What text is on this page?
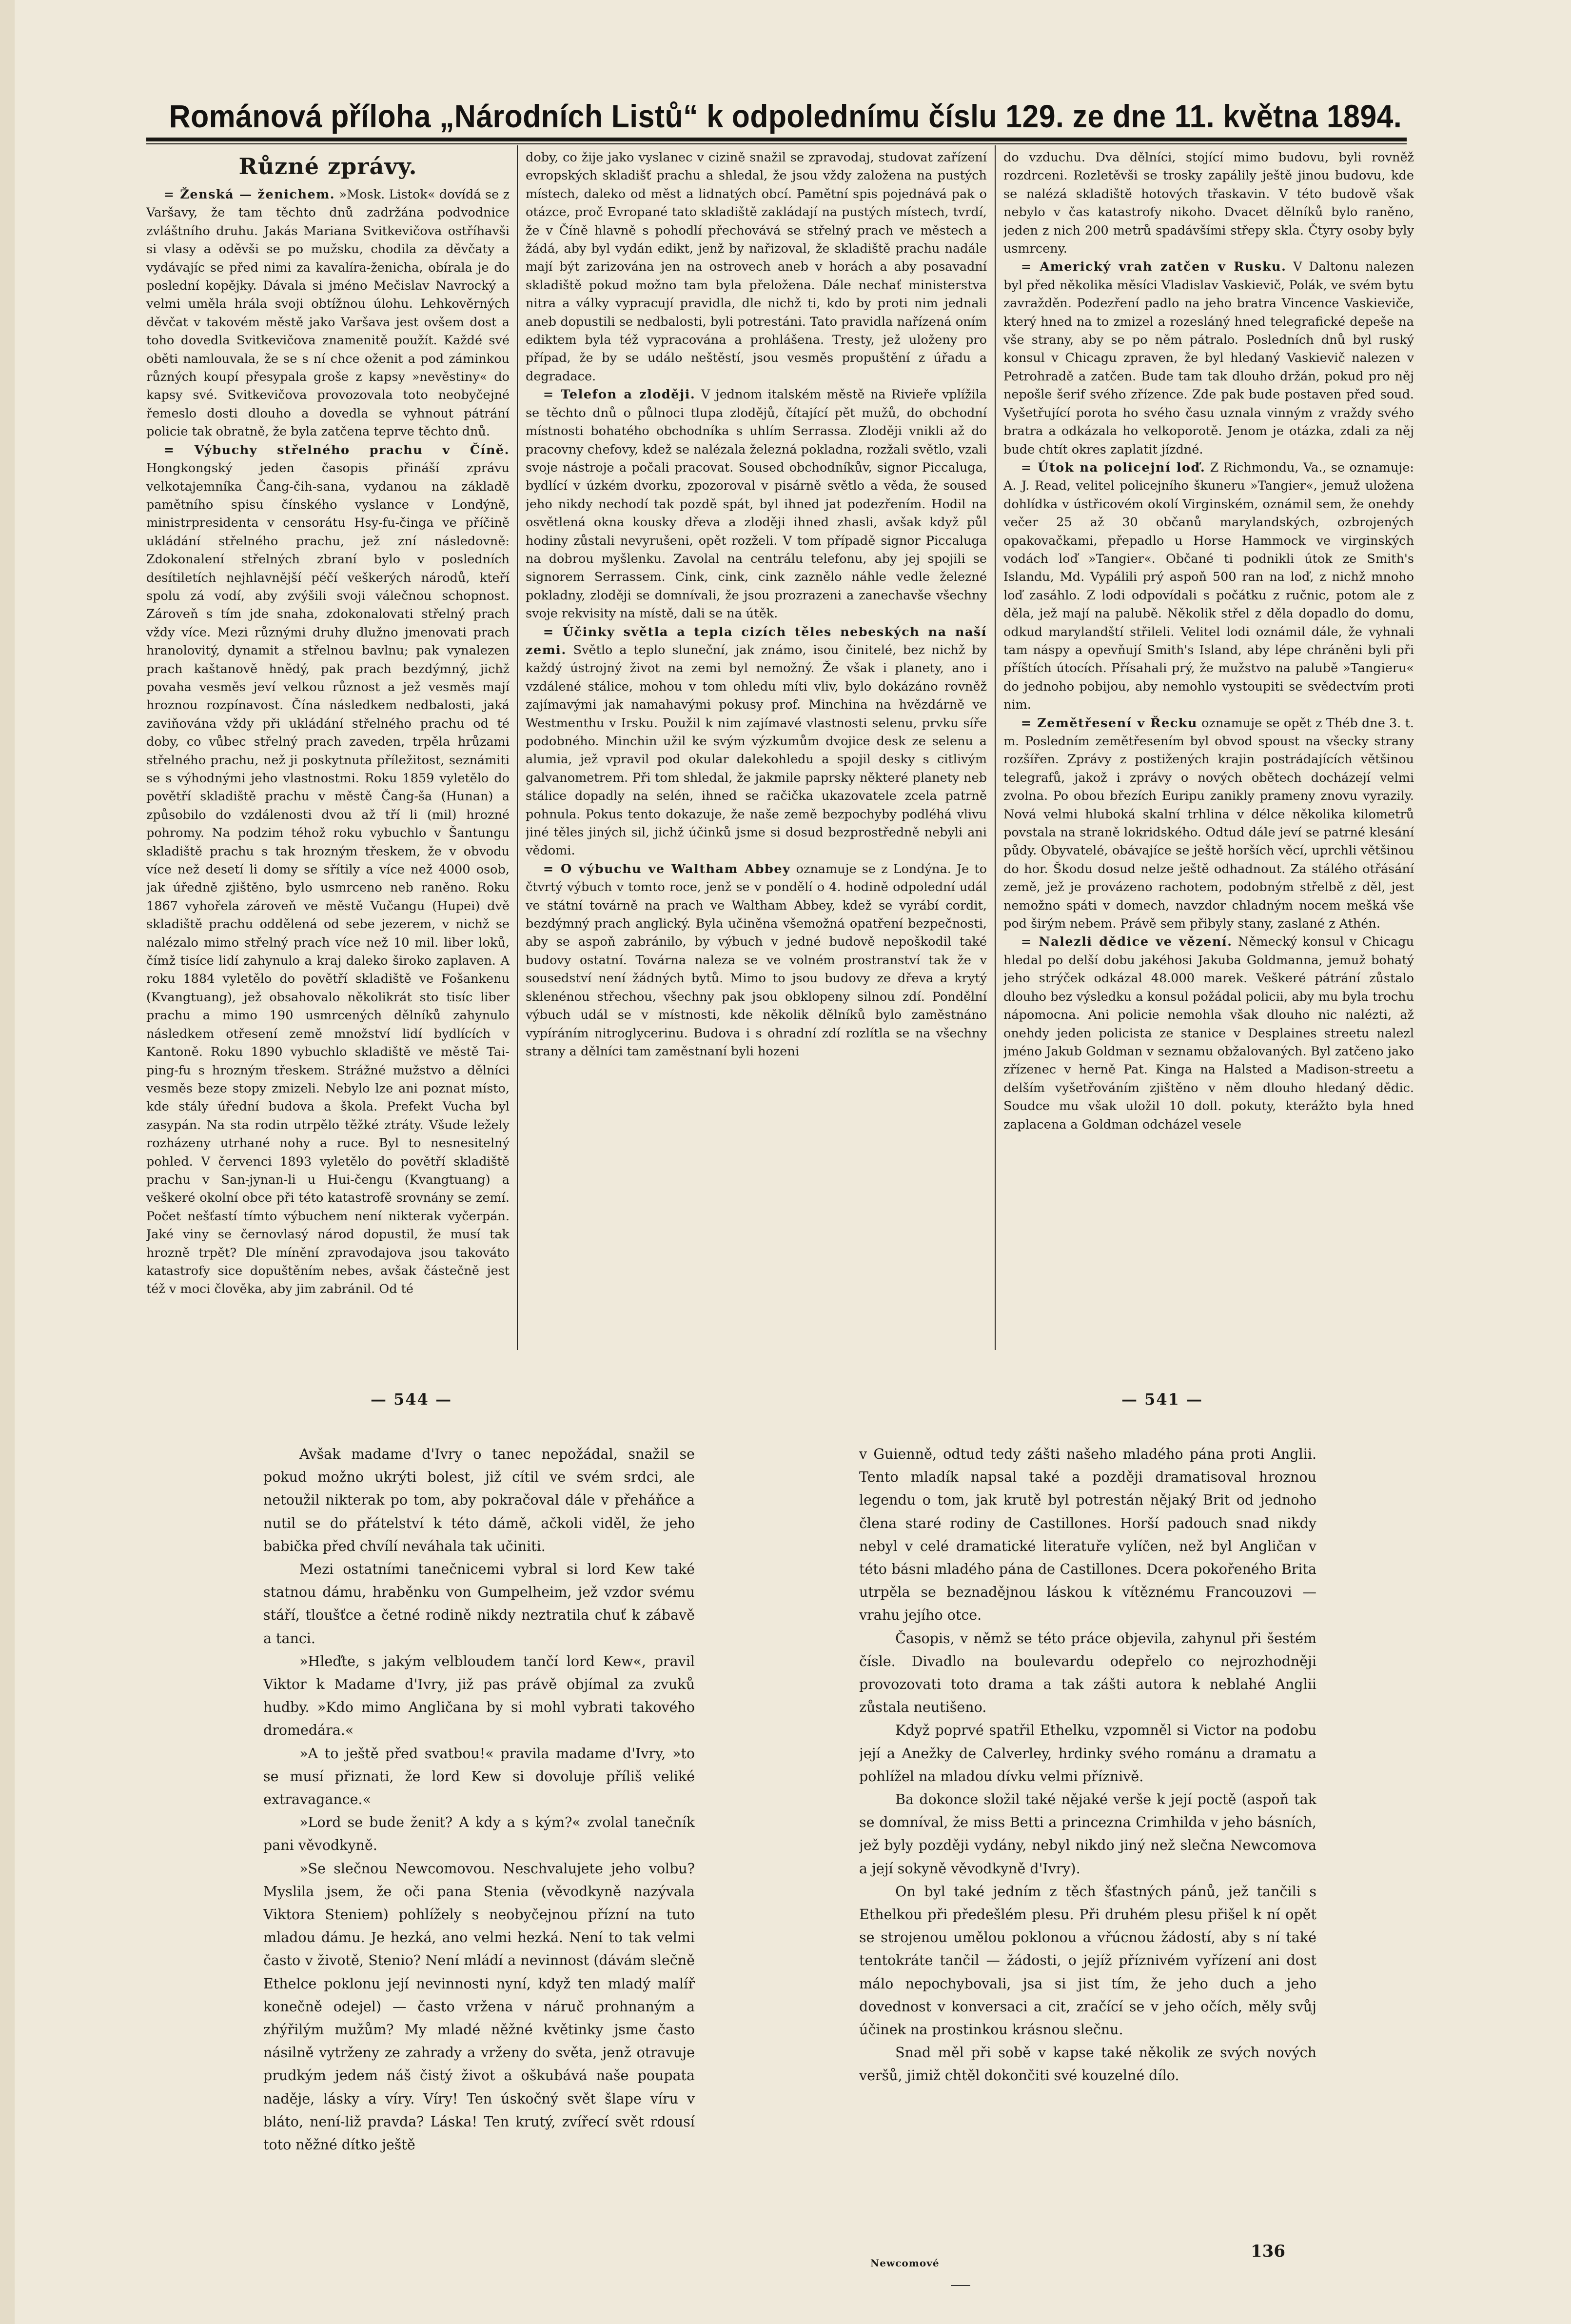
Románová příloha „Národních Listů“ k odpolednímu číslu 129. ze dne 11. května 1894.
Různé zprávy.

= Ženská — ženichem. »Mosk. Listok« dovídá se z Varšavy, že tam těchto dnů zadržána podvodnice zvláštního druhu. Jakás Mariana Svitkevičova ostříhavši si vlasy a oděvši se po mužsku, chodila za děvčaty a vydávajíc se před nimi za kavalíra-ženicha, obírala je do poslední kopějky. Dávala si jméno Mečislav Navrocký a velmi uměla hrála svoji obtížnou úlohu. Lehkověrných děvčat v takovém městě jako Varšava jest ovšem dost a toho dovedla Svitkevičova znamenitě použít. Každé své oběti namlouvala, že se s ní chce oženit a pod záminkou různých koupí přesypala groše z kapsy »nevěstiny« do kapsy své. Svitkevičova provozovala toto neobyčejné řemeslo dosti dlouho a dovedla se vyhnout pátrání policie tak obratně, že byla zatčena teprve těchto dnů.

= Výbuchy střelného prachu v Číně. Hongkongský jeden časopis přináší zprávu velkotajemníka Čang-čih-sana, vydanou na základě pamětního spisu čínského vyslance v Londýně, ministrpresidenta v censorátu Hsy-fu-činga ve příčině ukládání střelného prachu, jež zní následovně: Zdokonalení střelných zbraní bylo v posledních desítiletích nejhlavnější péčí veškerých národů, kteří spolu zá vodí, aby zvýšili svoji válečnou schopnost. Zároveň s tím jde snaha, zdokonalovati střelný prach vždy více. Mezi různými druhy dlužno jmenovati prach hranolovitý, dynamit a střelnou bavlnu; pak vynalezen prach kaštanově hnědý, pak prach bezdýmný, jichž povaha vesměs jeví velkou různost a jež vesměs mají hroznou rozpínavost. Čína následkem nedbalosti, jaká zaviňována vždy při ukládání střelného prachu od té doby, co vůbec střelný prach zaveden, trpěla hrůzami střelného prachu, než ji poskytnuta příležitost, seznámiti se s výhodnými jeho vlastnostmi. Roku 1859 vyletělo do povětří skladiště prachu v městě Čang-ša (Hunan) a způsobilo do vzdálenosti dvou až tří li (mil) hrozné pohromy. Na podzim téhož roku vybuchlo v Šantungu skladiště prachu s tak hrozným třeskem, že v obvodu více než desetí li domy se sřítily a více než 4000 osob, jak úředně zjištěno, bylo usmrceno neb raněno. Roku 1867 vyhořela zároveň ve městě Vučangu (Hupei) dvě skladiště prachu oddělená od sebe jezerem, v nichž se nalézalo mimo střelný prach více než 10 mil. liber loků, čímž tisíce lidí zahynulo a kraj daleko široko zaplaven. A roku 1884 vyletělo do povětří skladiště ve Fošankenu (Kvangtuang), jež obsahovalo několikrát sto tisíc liber prachu a mimo 190 usmrcených dělníků zahynulo následkem otřesení země množství lidí bydlících v Kantoně. Roku 1890 vybuchlo skladiště ve městě Tai-ping-fu s hrozným třeskem. Strážné mužstvo a dělníci vesměs beze stopy zmizeli. Nebylo lze ani poznat místo, kde stály úřední budova a škola. Prefekt Vucha byl zasypán. Na sta rodin utrpělo těžké ztráty. Všude ležely rozházeny utrhané nohy a ruce. Byl to nesnesitelný pohled. V červenci 1893 vyletělo do povětří skladiště prachu v San-jynan-li u Hui-čengu (Kvangtuang) a veškeré okolní obce při této katastrofě srovnány se zemí. Počet nešťastí tímto výbuchem není nikterak vyčerpán. Jaké viny se černovlasý národ dopustil, že musí tak hrozně trpět? Dle mínění zpravodajova jsou takováto katastrofy sice dopuštěním nebes, avšak částečně jest též v moci člověka, aby jim zabránil. Od té

doby, co žije jako vyslanec v cizině snažil se zpravodaj, studovat zařízení evropských skladišť prachu a shledal, že jsou vždy založena na pustých místech, daleko od měst a lidnatých obcí. Pamětní spis pojednává pak o otázce, proč Evropané tato skladiště zakládají na pustých místech, tvrdí, že v Číně hlavně s pohodlí přechovává se střelný prach ve městech a žádá, aby byl vydán edikt, jenž by nařizoval, že skladiště prachu nadále mají být zarizována jen na ostrovech aneb v horách a aby posavadní skladiště pokud možno tam byla přeložena. Dále nechať ministerstva nitra a války vypracují pravidla, dle nichž ti, kdo by proti nim jednali aneb dopustili se nedbalosti, byli potrestáni. Tato pravidla nařízená oním ediktem byla též vypracována a prohlášena. Tresty, jež uloženy pro případ, že by se událo neštěstí, jsou vesměs propuštění z úřadu a degradace.

= Telefon a zloději. V jednom italském městě na Rivieře vplížila se těchto dnů o půlnoci tlupa zlodějů, čítající pět mužů, do obchodní místnosti bohatého obchodníka s uhlím Serrassa. Zloději vnikli až do pracovny chefovy, kdež se nalézala železná pokladna, rozžali světlo, vzali svoje nástroje a počali pracovat. Soused obchodníkův, signor Piccaluga, bydlící v úzkém dvorku, zpozoroval v pisárně světlo a věda, že soused jeho nikdy nechodí tak pozdě spát, byl ihned jat podezřením. Hodil na osvětlená okna kousky dřeva a zloději ihned zhasli, avšak když půl hodiny zůstali nevyrušeni, opět rozželi. V tom případě signor Piccaluga na dobrou myšlenku. Zavolal na centrálu telefonu, aby jej spojili se signorem Serrassem. Cink, cink, cink zaznělo náhle vedle železné pokladny, zloději se domnívali, že jsou prozrazeni a zanechavše všechny svoje rekvisity na místě, dali se na útěk.

= Účinky světla a tepla cizích těles nebeských na naší zemi. Světlo a teplo sluneční, jak známo, isou činitelé, bez nichž by každý ústrojný život na zemi byl nemožný. Že však i planety, ano i vzdálené stálice, mohou v tom ohledu míti vliv, bylo dokázáno rovněž zajímavými jak namahavými pokusy prof. Minchina na hvězdárně ve Westmenthu v Irsku. Použil k nim zajímavé vlastnosti selenu, prvku síře podobného. Minchin užil ke svým výzkumům dvojice desk ze selenu a alumia, jež vpravil pod okular dalekohledu a spojil desky s citlivým galvanometrem. Při tom shledal, že jakmile paprsky některé planety neb stálice dopadly na selén, ihned se račička ukazovatele zcela patrně pohnula. Pokus tento dokazuje, že naše země bezpochyby podléhá vlivu jiné těles jiných sil, jichž účinků jsme si dosud bezprostředně nebyli ani vědomi.

= O výbuchu ve Waltham Abbey oznamuje se z Londýna. Je to čtvrtý výbuch v tomto roce, jenž se v pondělí o 4. hodině odpolední udál ve státní továrně na prach ve Waltham Abbey, kdež se vyrábí cordit, bezdýmný prach anglický. Byla učiněna všemožná opatření bezpečnosti, aby se aspoň zabránilo, by výbuch v jedné budově nepoškodil také budovy ostatní. Továrna naleza se ve volném prostranství tak že v sousedství není žádných bytů. Mimo to jsou budovy ze dřeva a krytý sklenénou střechou, všechny pak jsou obklopeny silnou zdí. Pondělní výbuch udál se v místnosti, kde několik dělníků bylo zaměstnáno vypíráním nitroglycerinu. Budova i s ohradní zdí rozlítla se na všechny strany a dělníci tam zaměstnaní byli hozeni

do vzduchu. Dva dělníci, stojící mimo budovu, byli rovněž rozdrceni. Rozletěvši se trosky zapálily ještě jinou budovu, kde se nalézá skladiště hotových třaskavin. V této budově však nebylo v čas katastrofy nikoho. Dvacet dělníků bylo raněno, jeden z nich 200 metrů spadávšími střepy skla. Čtyry osoby byly usmrceny.

= Americký vrah zatčen v Rusku. V Daltonu nalezen byl před několika měsíci Vladislav Vaskievič, Polák, ve svém bytu zavražděn. Podezření padlo na jeho bratra Vincence Vaskieviče, který hned na to zmizel a rozesláný hned telegrafické depeše na vše strany, aby se po něm pátralo. Posledních dnů byl ruský konsul v Chicagu zpraven, že byl hledaný Vaskievič nalezen v Petrohradě a zatčen. Bude tam tak dlouho držán, pokud pro něj nepošle šerif svého zřízence. Zde pak bude postaven před soud. Vyšetřující porota ho svého času uznala vinným z vraždy svého bratra a odkázala ho velkoporotě. Jenom je otázka, zdali za něj bude chtít okres zaplatit jízdné.

= Útok na policejní loď. Z Richmondu, Va., se oznamuje: A. J. Read, velitel policejního škuneru »Tangier«, jemuž uložena dohlídka v ústřicovém okolí Virginském, oznámil sem, že onehdy večer 25 až 30 občanů marylandských, ozbrojených opakovačkami, přepadlo u Horse Hammock ve virginských vodách loď »Tangier«. Občané ti podnikli útok ze Smith's Islandu, Md. Vypálili prý aspoň 500 ran na loď, z nichž mnoho loď zasáhlo. Z lodi odpovídali s počátku z ručnic, potom ale z děla, jež mají na palubě. Několik střel z děla dopadlo do domu, odkud marylandští střileli. Velitel lodi oznámil dále, že vyhnali tam náspy a opevňují Smith's Island, aby lépe chráněni byli při příštích útocích. Přísahali prý, že mužstvo na palubě »Tangieru« do jednoho pobijou, aby nemohlo vystoupiti se svědectvím proti nim.

= Zemětřesení v Řecku oznamuje se opět z Théb dne 3. t. m. Posledním zemětřesením byl obvod spoust na všecky strany rozšířen. Zprávy z postižených krajin postrádajících většinou telegrafů, jakož i zprávy o nových obětech docházejí velmi zvolna. Po obou březích Euripu zanikly prameny znovu vyrazily. Nová velmi hluboká skalní trhlina v délce několika kilometrů povstala na straně lokridského. Odtud dále jeví se patrné klesání půdy. Obyvatelé, obávajíce se ještě horších věcí, uprchli většinou do hor. Škodu dosud nelze ještě odhadnout. Za stálého otřásání země, jež je provázeno rachotem, podobným střelbě z děl, jest nemožno spáti v domech, navzdor chladným nocem mešká vše pod širým nebem. Právě sem přibyly stany, zaslané z Athén.

= Nalezli dědice ve vězení. Německý konsul v Chicagu hledal po delší dobu jakéhosi Jakuba Goldmanna, jemuž bohatý jeho strýček odkázal 48.000 marek. Veškeré pátrání zůstalo dlouho bez výsledku a konsul požádal policii, aby mu byla trochu nápomocna. Ani policie nemohla však dlouho nic nalézti, až onehdy jeden policista ze stanice v Desplaines streetu nalezl jméno Jakub Goldman v seznamu obžalovaných. Byl zatčeno jako zřízenec v herně Pat. Kinga na Halsted a Madison-streetu a delším vyšetřováním zjištěno v něm dlouho hledaný dědic. Soudce mu však uložil 10 doll. pokuty, kterážto byla hned zaplacena a Goldman odcházel vesele

— 544 —	— 541 —

Avšak madame d'Ivry o tanec nepožádal, snažil se pokud možno ukrýti bolest, již cítil ve svém srdci, ale netoužil nikterak po tom, aby pokračoval dále v přeháňce a nutil se do přátelství k této dámě, ačkoli viděl, že jeho babička před chvílí neváhala tak učiniti.

Mezi ostatními tanečnicemi vybral si lord Kew také statnou dámu, hraběnku von Gumpelheim, jež vzdor svému stáří, tloušťce a četné rodině nikdy neztratila chuť k zábavě a tanci.

»Hleďte, s jakým velbloudem tančí lord Kew«, pravil Viktor k Madame d'Ivry, již pas právě objímal za zvuků hudby. »Kdo mimo Angličana by si mohl vybrati takového dromedára.«

»A to ještě před svatbou!« pravila madame d'Ivry, »to se musí přiznati, že lord Kew si dovoluje příliš veliké extravagance.«

»Lord se bude ženit? A kdy a s kým?« zvolal tanečník pani věvodkyně.

»Se slečnou Newcomovou. Neschvalujete jeho volbu? Myslila jsem, že oči pana Stenia (věvodkyně nazývala Viktora Steniem) pohlížely s neobyčejnou přízní na tuto mladou dámu. Je hezká, ano velmi hezká. Není to tak velmi často v životě, Stenio? Není mládí a nevinnost (dávám slečně Ethelce poklonu její nevinnosti nyní, když ten mladý malíř konečně odejel) — často vržena v náruč prohnaným a zhýřilým mužům? My mladé něžné květinky jsme často násilně vytrženy ze zahrady a vrženy do světa, jenž otravuje prudkým jedem náš čistý život a oškubává naše poupata naděje, lásky a víry. Víry! Ten úskočný svět šlape víru v bláto, není-liž pravda? Láska! Ten krutý, zvířecí svět rdousí toto něžné dítko ještě

v Guienně, odtud tedy zášti našeho mladého pána proti Anglii. Tento mladík napsal také a později dramatisoval hroznou legendu o tom, jak krutě byl potrestán nějaký Brit od jednoho člena staré rodiny de Castillones. Horší padouch snad nikdy nebyl v celé dramatické literatuře vylíčen, než byl Angličan v této básni mladého pána de Castillones. Dcera pokořeného Brita utrpěla se beznadějnou láskou k vítěznému Francouzovi — vrahu jejího otce.

Časopis, v němž se této práce objevila, zahynul při šestém čísle. Divadlo na boulevardu odepřelo co nejrozhodněji provozovati toto drama a tak zášti autora k neblahé Anglii zůstala neutišeno.

Když poprvé spatřil Ethelku, vzpomněl si Victor na podobu její a Anežky de Calverley, hrdinky svého románu a dramatu a pohlížel na mladou dívku velmi příznivě.

Ba dokonce složil také nějaké verše k její poctě (aspoň tak se domníval, že miss Betti a princezna Crimhilda v jeho básních, jež byly později vydány, nebyl nikdo jiný než slečna Newcomova a její sokyně věvodkyně d'Ivry).

On byl také jedním z těch šťastných pánů, jež tančili s Ethelkou při předešlém plesu. Při druhém plesu přišel k ní opět se strojenou umělou poklonou a vřúcnou žádostí, aby s ní také tentokráte tančil — žádosti, o jejíž příznivém vyřízení ani dost málo nepochybovali, jsa si jist tím, že jeho duch a jeho dovednost v konversaci a cit, zračící se v jeho očích, měly svůj účinek na prostinkou krásnou slečnu.

Snad měl při sobě v kapse také několik ze svých nových veršů, jimiž chtěl dokončiti své kouzelné dílo.

Newcomové
136
